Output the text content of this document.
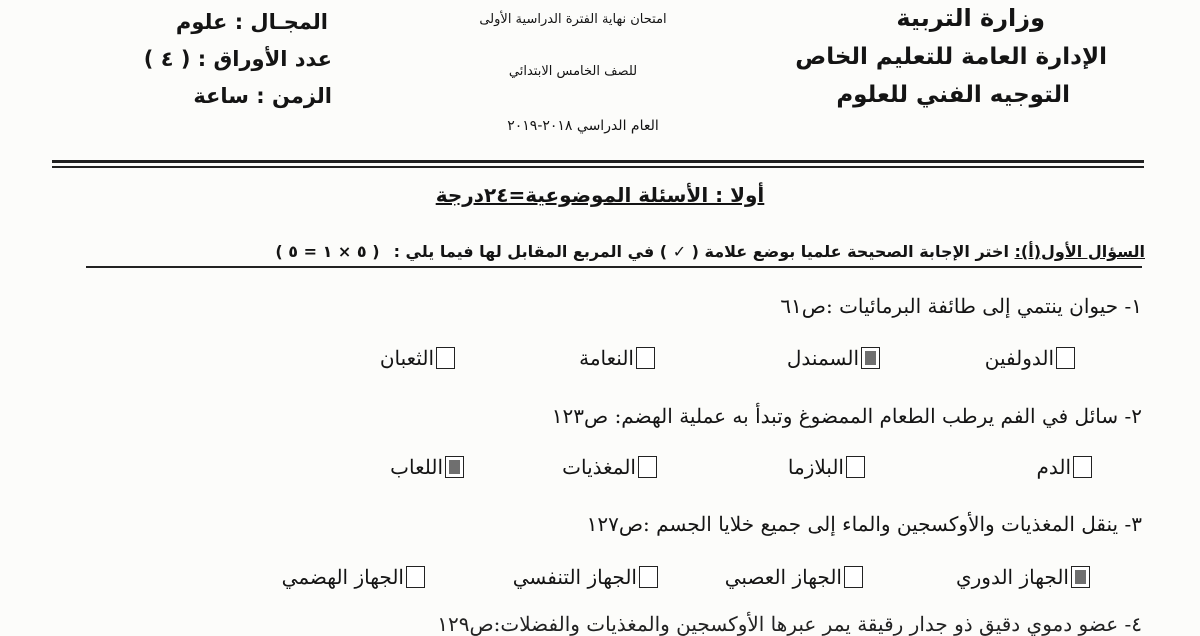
وزارة التربية
الإدارة العامة للتعليم الخاص
التوجيه الفني للعلوم
امتحان نهاية الفترة الدراسية الأولى
للصف الخامس الابتدائي
العام الدراسي ٢٠١٨-٢٠١٩
المجـال : علوم
عدد الأوراق : ( ٤ )
الزمن : ساعة
أولا : الأسئلة الموضوعية=٢٤درجة
السؤال الأول(أ): اختر الإجابة الصحيحة علميا بوضع علامة ( ✓ ) في المربع المقابل لها فيما يلي :( ٥ × ١ = ٥ )
١- حيوان ينتمي إلى طائفة البرمائيات :ص٦١
الدولفين
السمندل
النعامة
الثعبان
٢- سائل في الفم يرطب الطعام الممضوغ وتبدأ به عملية الهضم: ص١٢٣
الدم
البلازما
المغذيات
اللعاب
٣- ينقل المغذيات والأوكسجين والماء إلى جميع خلايا الجسم :ص١٢٧
الجهاز الدوري
الجهاز العصبي
الجهاز التنفسي
الجهاز الهضمي
٤- عضو دموي دقيق ذو جدار رقيقة يمر عبرها الأوكسجين والمغذيات والفضلات:ص١٢٩
